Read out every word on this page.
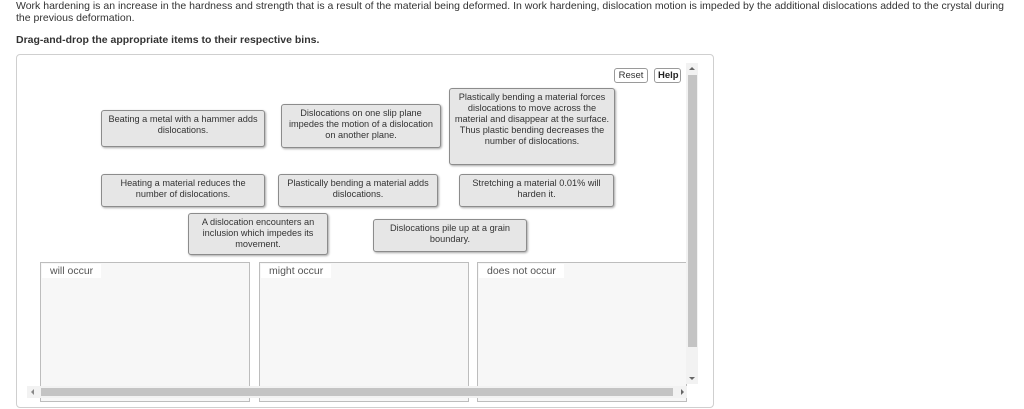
Work hardening is an increase in the hardness and strength that is a result of the material being deformed. In work hardening, dislocation motion is impeded by the additional dislocations added to the crystal during the previous deformation.
Drag-and-drop the appropriate items to their respective bins.
Reset	Help
Beating a metal with a hammer adds dislocations.
Dislocations on one slip plane impedes the motion of a dislocation on another plane.
Plastically bending a material forces dislocations to move across the material and disappear at the surface. Thus plastic bending decreases the number of dislocations.
Heating a material reduces the number of dislocations.
Plastically bending a material adds dislocations.
Stretching a material 0.01% will harden it.
A dislocation encounters an inclusion which impedes its movement.
Dislocations pile up at a grain boundary.
will occur	might occur	does not occur
